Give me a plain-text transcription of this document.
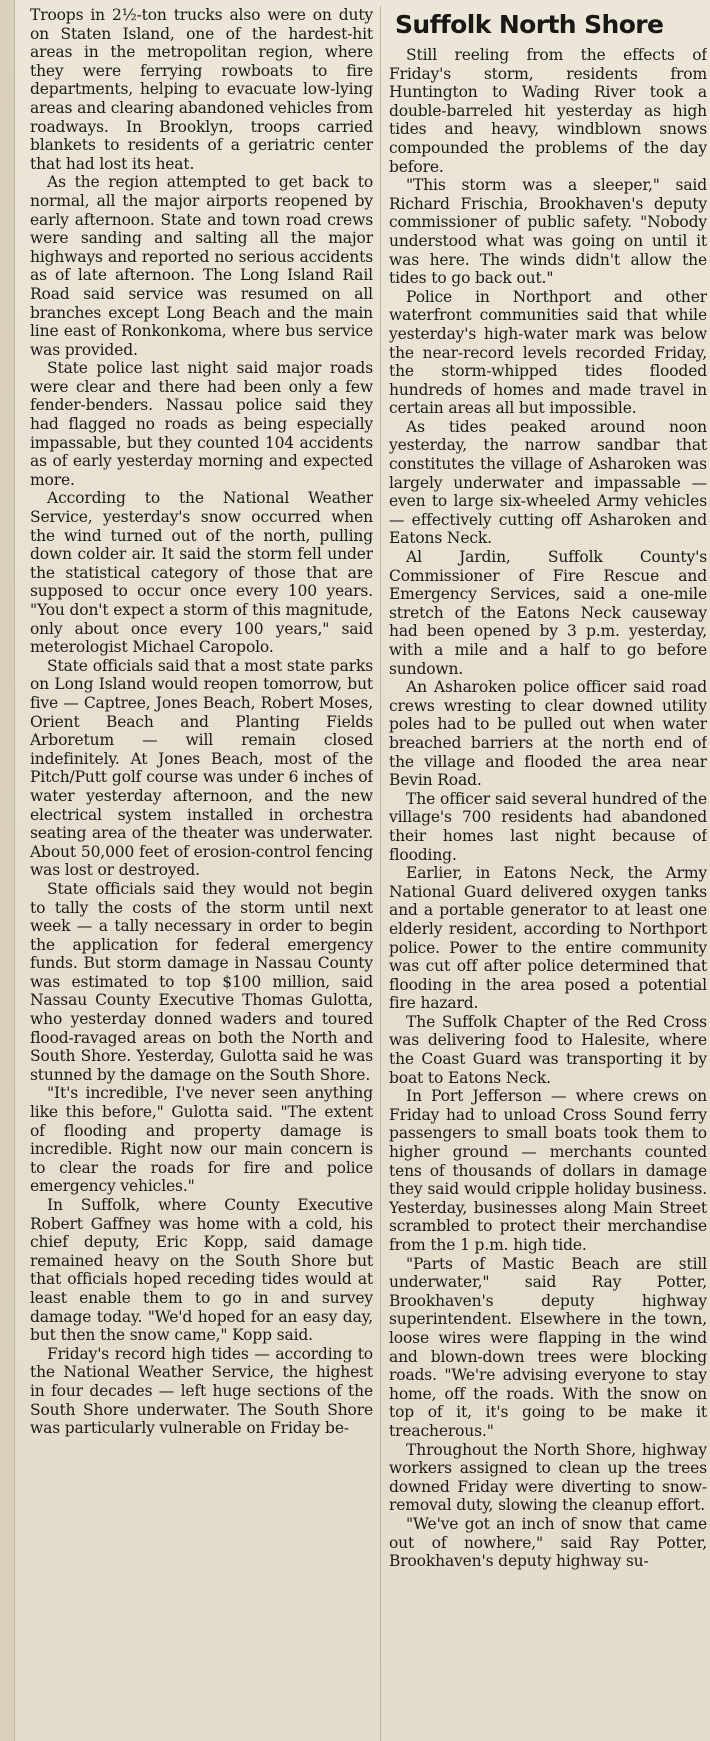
Troops in 2½-ton trucks also were on duty on Staten Island, one of the hardest-hit areas in the metropolitan region, where they were ferrying rowboats to fire departments, helping to evacuate low-lying areas and clearing abandoned vehicles from roadways. In Brooklyn, troops carried blankets to residents of a geriatric center that had lost its heat.

As the region attempted to get back to normal, all the major airports reopened by early afternoon. State and town road crews were sanding and salting all the major highways and reported no serious accidents as of late afternoon. The Long Island Rail Road said service was resumed on all branches except Long Beach and the main line east of Ronkonkoma, where bus service was provided.

State police last night said major roads were clear and there had been only a few fender-benders. Nassau police said they had flagged no roads as being especially impassable, but they counted 104 accidents as of early yesterday morning and expected more.

According to the National Weather Service, yesterday's snow occurred when the wind turned out of the north, pulling down colder air. It said the storm fell under the statistical category of those that are supposed to occur once every 100 years. "You don't expect a storm of this magnitude, only about once every 100 years," said meterologist Michael Caropolo.

State officials said that a most state parks on Long Island would reopen tomorrow, but five — Captree, Jones Beach, Robert Moses, Orient Beach and Planting Fields Arboretum — will remain closed indefinitely. At Jones Beach, most of the Pitch/Putt golf course was under 6 inches of water yesterday afternoon, and the new electrical system installed in orchestra seating area of the theater was underwater. About 50,000 feet of erosion-control fencing was lost or destroyed.

State officials said they would not begin to tally the costs of the storm until next week — a tally necessary in order to begin the application for federal emergency funds. But storm damage in Nassau County was estimated to top $100 million, said Nassau County Executive Thomas Gulotta, who yesterday donned waders and toured flood-ravaged areas on both the North and South Shore. Yesterday, Gulotta said he was stunned by the damage on the South Shore.

"It's incredible, I've never seen anything like this before," Gulotta said. "The extent of flooding and property damage is incredible. Right now our main concern is to clear the roads for fire and police emergency vehicles."

In Suffolk, where County Executive Robert Gaffney was home with a cold, his chief deputy, Eric Kopp, said damage remained heavy on the South Shore but that officials hoped receding tides would at least enable them to go in and survey damage today. "We'd hoped for an easy day, but then the snow came," Kopp said.

Friday's record high tides — according to the National Weather Service, the highest in four decades — left huge sections of the South Shore underwater. The South Shore was particularly vulnerable on Friday be-

Suffolk North Shore

Still reeling from the effects of Friday's storm, residents from Huntington to Wading River took a double-barreled hit yesterday as high tides and heavy, windblown snows compounded the problems of the day before.

"This storm was a sleeper," said Richard Frischia, Brookhaven's deputy commissioner of public safety. "Nobody understood what was going on until it was here. The winds didn't allow the tides to go back out."

Police in Northport and other waterfront communities said that while yesterday's high-water mark was below the near-record levels recorded Friday, the storm-whipped tides flooded hundreds of homes and made travel in certain areas all but impossible.

As tides peaked around noon yesterday, the narrow sandbar that constitutes the village of Asharoken was largely underwater and impassable — even to large six-wheeled Army vehicles — effectively cutting off Asharoken and Eatons Neck.

Al Jardin, Suffolk County's Commissioner of Fire Rescue and Emergency Services, said a one-mile stretch of the Eatons Neck causeway had been opened by 3 p.m. yesterday, with a mile and a half to go before sundown.

An Asharoken police officer said road crews wresting to clear downed utility poles had to be pulled out when water breached barriers at the north end of the village and flooded the area near Bevin Road.

The officer said several hundred of the village's 700 residents had abandoned their homes last night because of flooding.

Earlier, in Eatons Neck, the Army National Guard delivered oxygen tanks and a portable generator to at least one elderly resident, according to Northport police. Power to the entire community was cut off after police determined that flooding in the area posed a potential fire hazard.

The Suffolk Chapter of the Red Cross was delivering food to Halesite, where the Coast Guard was transporting it by boat to Eatons Neck.

In Port Jefferson — where crews on Friday had to unload Cross Sound ferry passengers to small boats took them to higher ground — merchants counted tens of thousands of dollars in damage they said would cripple holiday business. Yesterday, businesses along Main Street scrambled to protect their merchandise from the 1 p.m. high tide.

"Parts of Mastic Beach are still underwater," said Ray Potter, Brookhaven's deputy highway superintendent. Elsewhere in the town, loose wires were flapping in the wind and blown-down trees were blocking roads. "We're advising everyone to stay home, off the roads. With the snow on top of it, it's going to be make it treacherous."

Throughout the North Shore, highway workers assigned to clean up the trees downed Friday were diverting to snow-removal duty, slowing the cleanup effort.

"We've got an inch of snow that came out of nowhere," said Ray Potter, Brookhaven's deputy highway su-
